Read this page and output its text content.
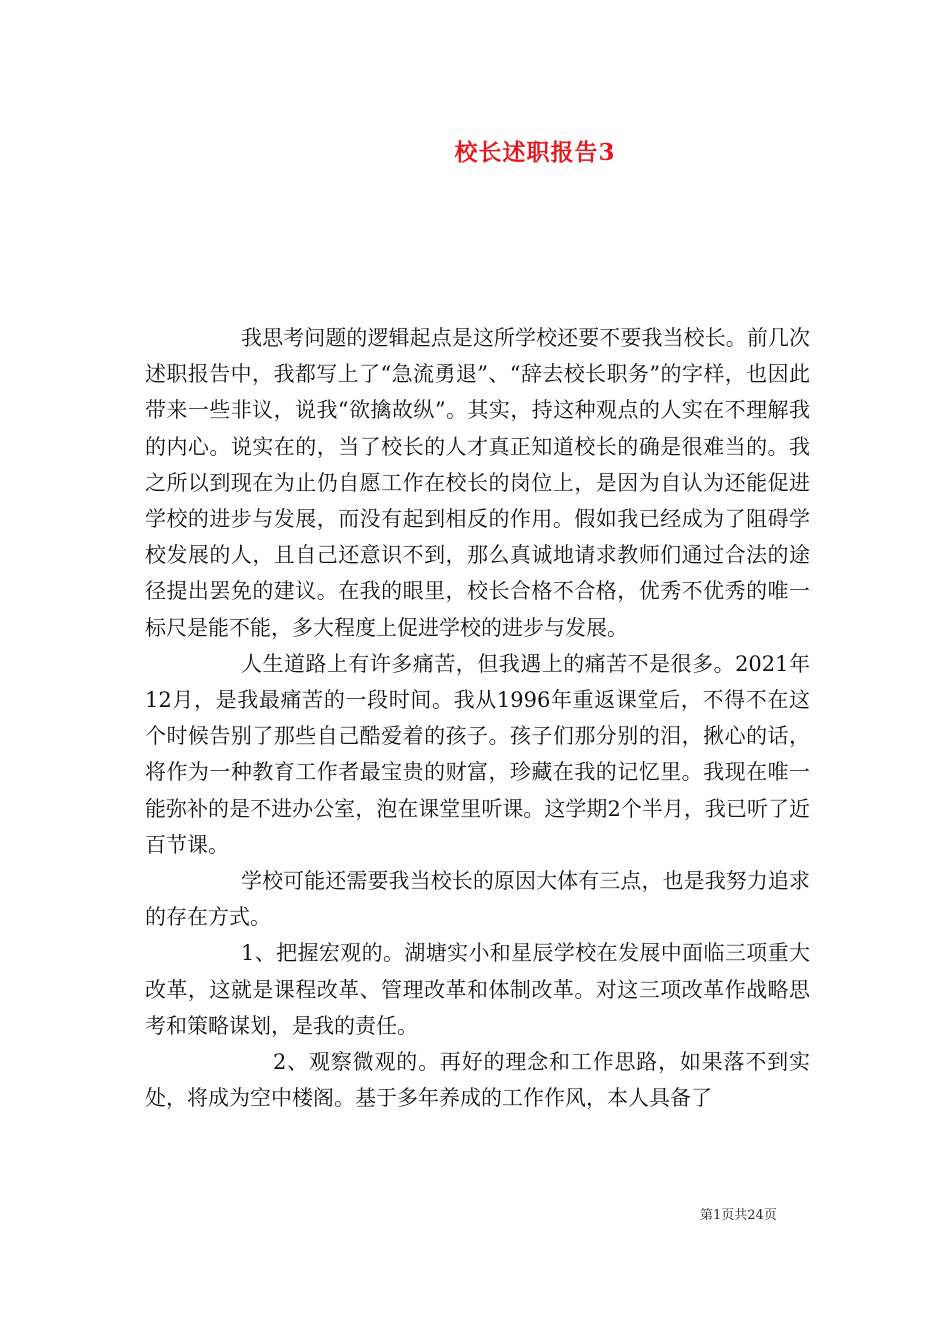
校长述职报告3

我思考问题的逻辑起点是这所学校还要不要我当校长。前几次述职报告中，我都写上了“急流勇退”、“辞去校长职务”的字样，也因此带来一些非议，说我“欲擒故纵”。其实，持这种观点的人实在不理解我的内心。说实在的，当了校长的人才真正知道校长的确是很难当的。我之所以到现在为止仍自愿工作在校长的岗位上，是因为自认为还能促进学校的进步与发展，而没有起到相反的作用。假如我已经成为了阻碍学校发展的人，且自己还意识不到，那么真诚地请求教师们通过合法的途径提出罢免的建议。在我的眼里，校长合格不合格，优秀不优秀的唯一标尺是能不能，多大程度上促进学校的进步与发展。

人生道路上有许多痛苦，但我遇上的痛苦不是很多。2021年12月，是我最痛苦的一段时间。我从1996年重返课堂后，不得不在这个时候告别了那些自己酷爱着的孩子。孩子们那分别的泪，揪心的话，将作为一种教育工作者最宝贵的财富，珍藏在我的记忆里。我现在唯一能弥补的是不进办公室，泡在课堂里听课。这学期2个半月，我已听了近百节课。

学校可能还需要我当校长的原因大体有三点，也是我努力追求的存在方式。

1、把握宏观的。湖塘实小和星辰学校在发展中面临三项重大改革，这就是课程改革、管理改革和体制改革。对这三项改革作战略思考和策略谋划，是我的责任。

2、观察微观的。再好的理念和工作思路，如果落不到实处，将成为空中楼阁。基于多年养成的工作作风，本人具备了

第1页共24页
